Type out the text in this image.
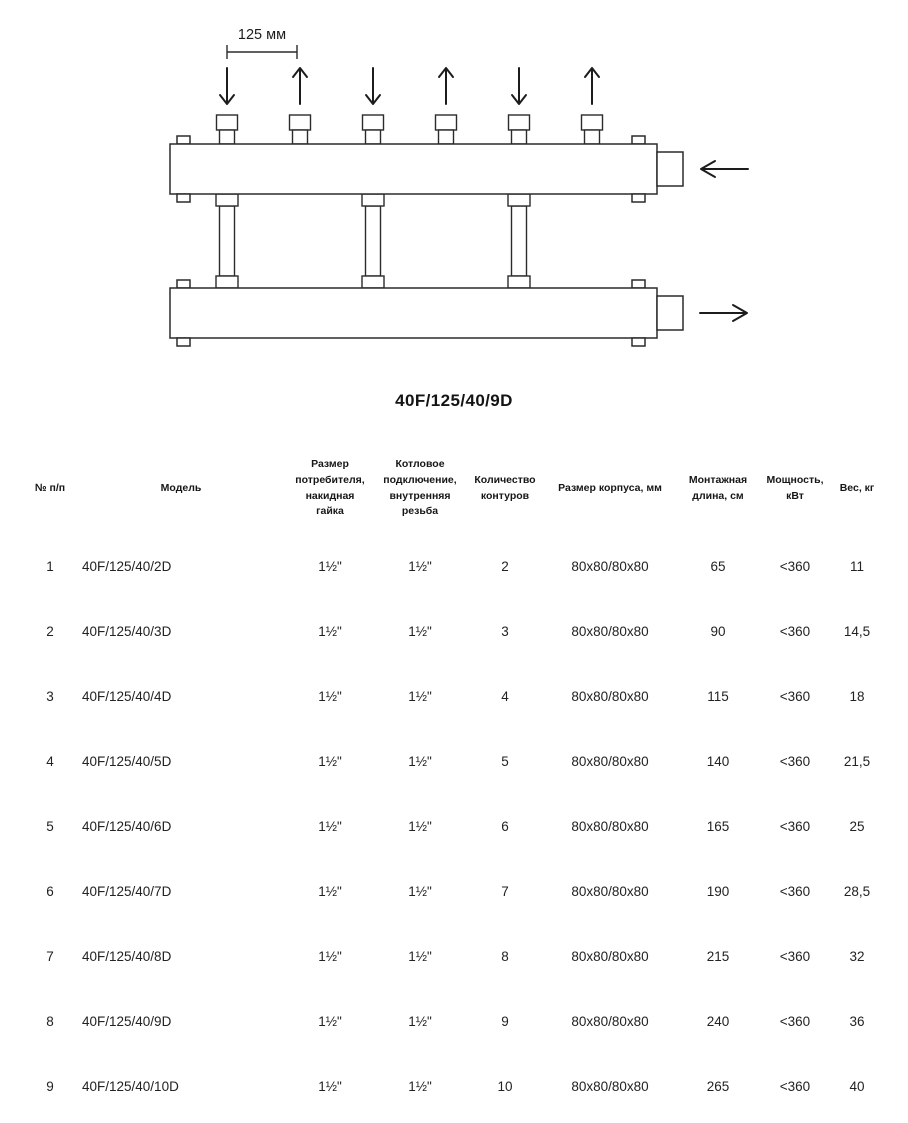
125 мм
40F/125/40/9D
№ п/п	Модель	Размер потребителя, накидная гайка	Котловое подключение, внутренняя резьба	Количество контуров	Размер корпуса, мм	Монтажная длина, см	Мощность, кВт	Вес, кг
1	40F/125/40/2D	1½"	1½"	2	80x80/80x80	65	<360	11
2	40F/125/40/3D	1½"	1½"	3	80x80/80x80	90	<360	14,5
3	40F/125/40/4D	1½"	1½"	4	80x80/80x80	115	<360	18
4	40F/125/40/5D	1½"	1½"	5	80x80/80x80	140	<360	21,5
5	40F/125/40/6D	1½"	1½"	6	80x80/80x80	165	<360	25
6	40F/125/40/7D	1½"	1½"	7	80x80/80x80	190	<360	28,5
7	40F/125/40/8D	1½"	1½"	8	80x80/80x80	215	<360	32
8	40F/125/40/9D	1½"	1½"	9	80x80/80x80	240	<360	36
9	40F/125/40/10D	1½"	1½"	10	80x80/80x80	265	<360	40
